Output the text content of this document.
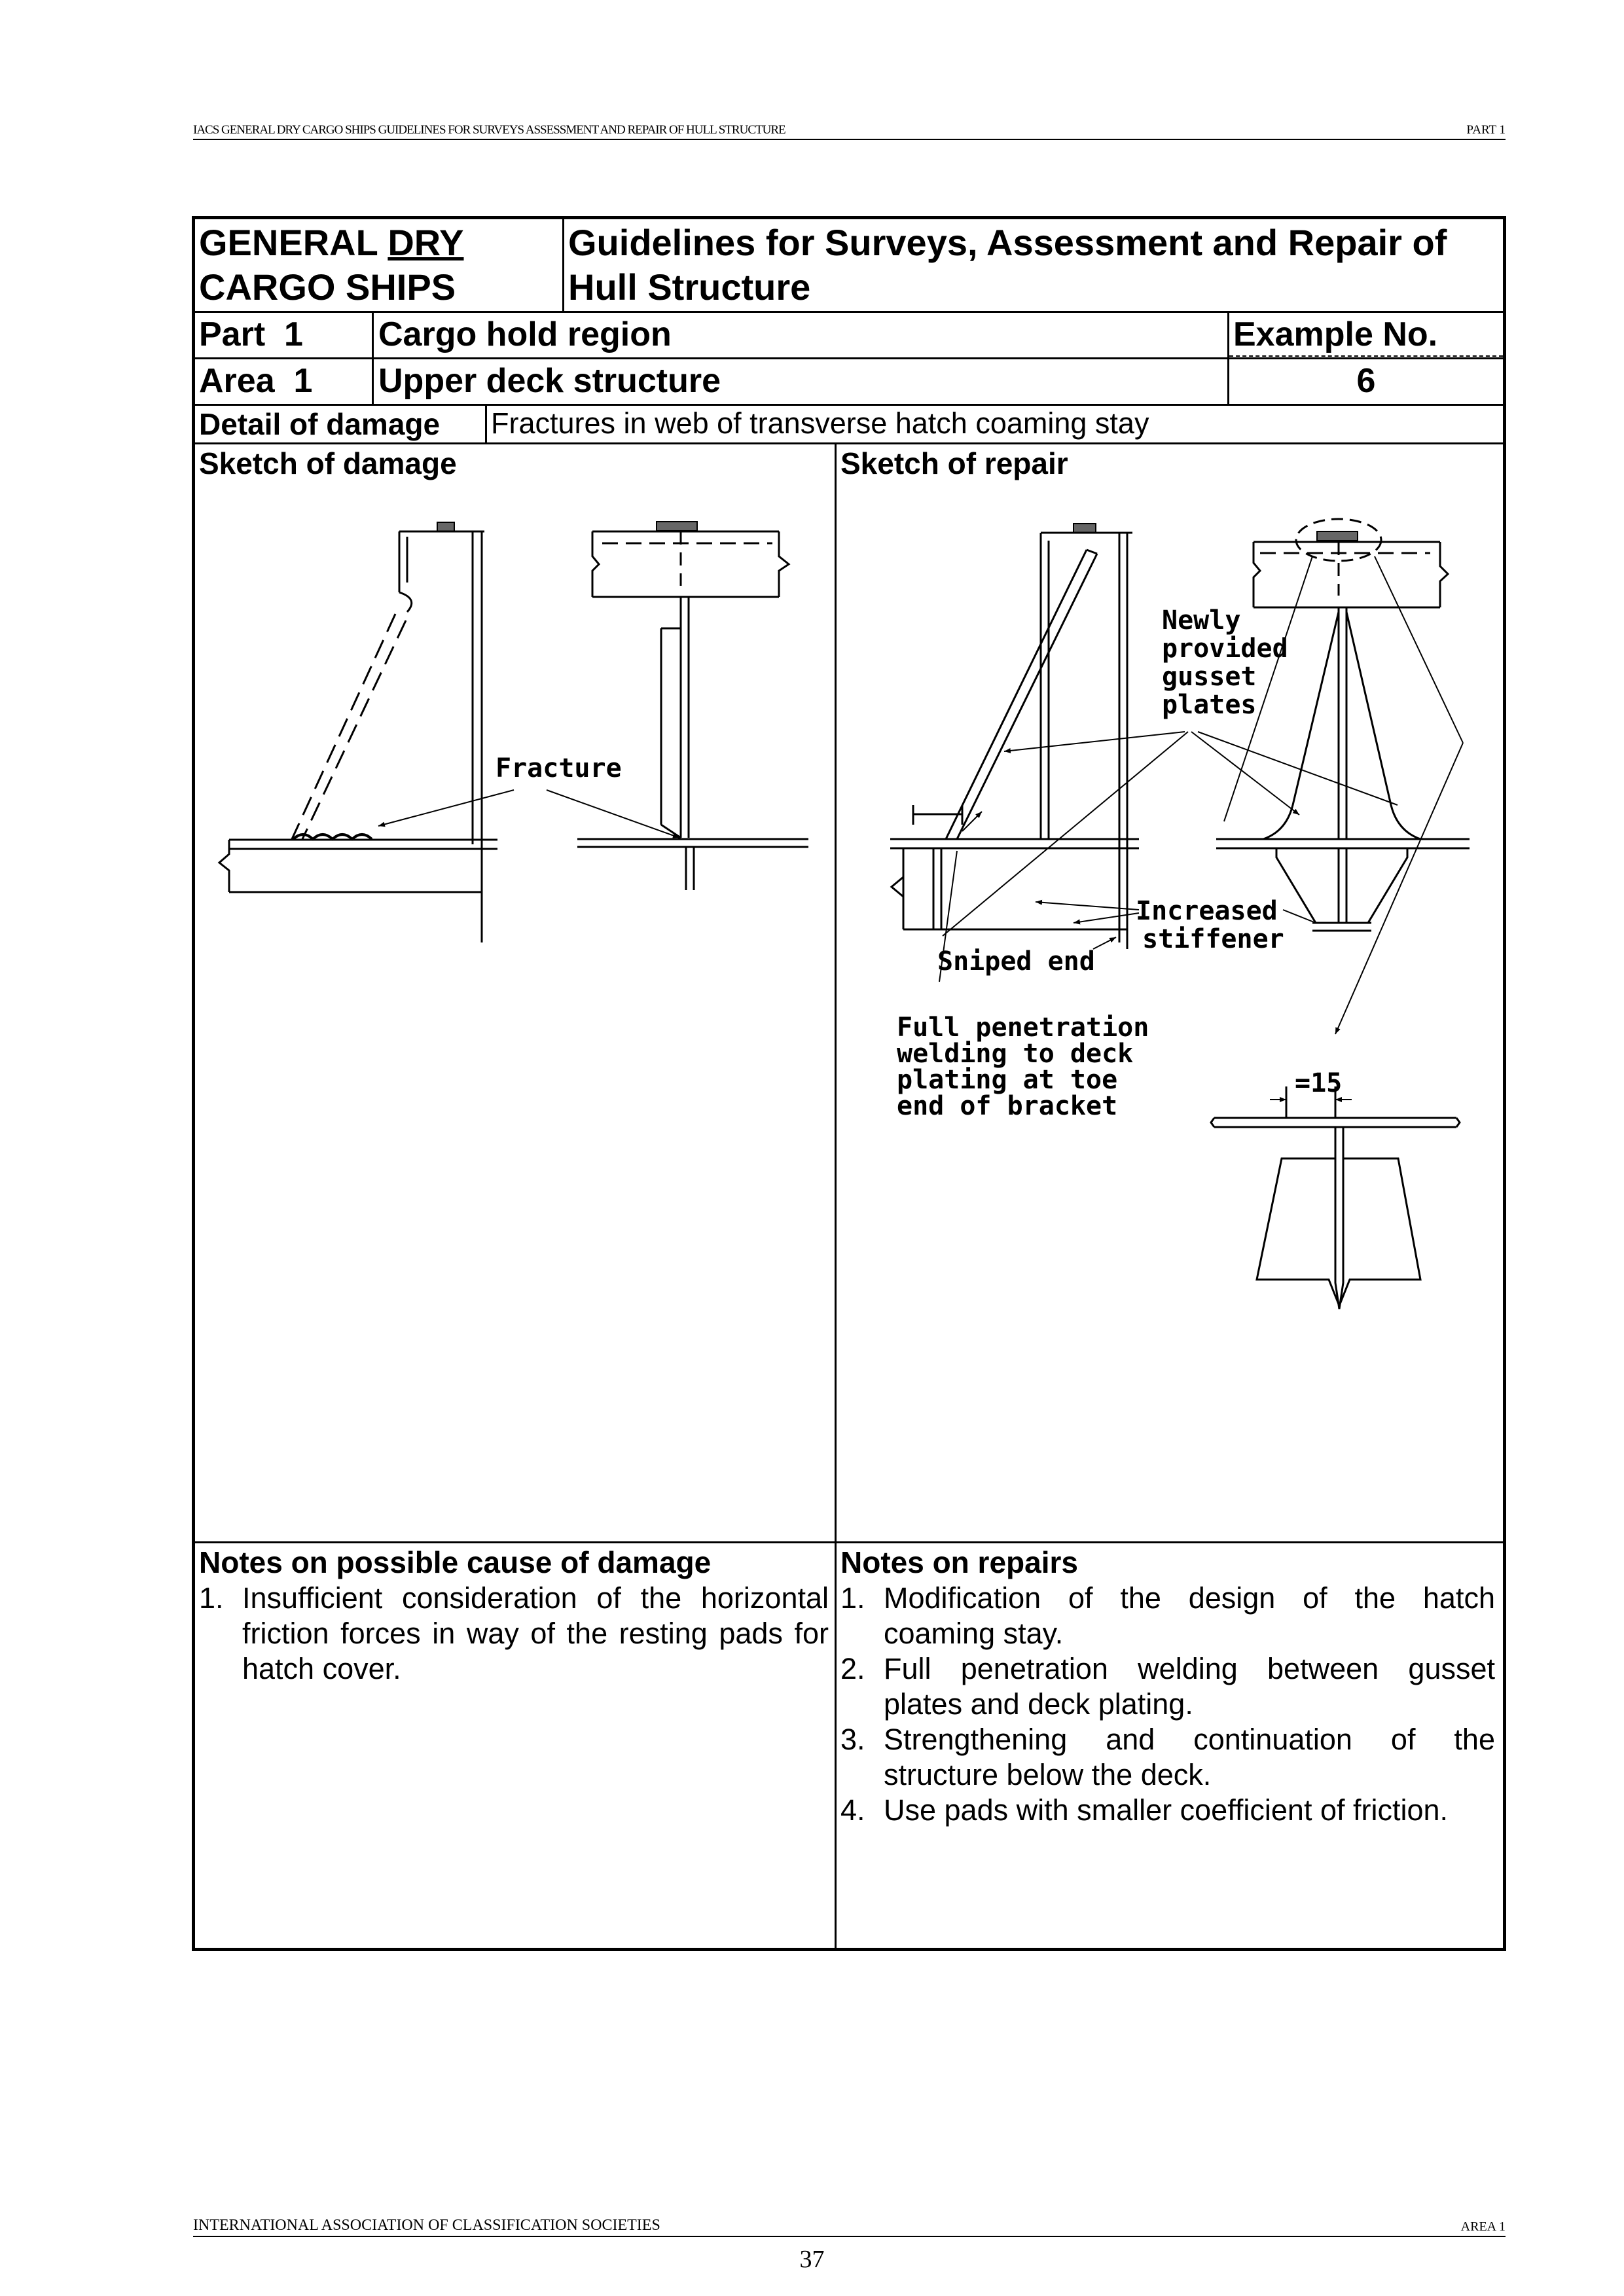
IACS GENERAL DRY CARGO SHIPS GUIDELINES FOR SURVEYS ASSESSMENT AND REPAIR OF HULL STRUCTURE	PART 1
GENERAL DRY
CARGO SHIPS
Guidelines for Surveys, Assessment and Repair of
Hull Structure
Part  1 Cargo hold region	Example No.
Area  1 Upper deck structure	6
Detail of damage Fractures in web of transverse hatch coaming stay
Sketch of damage	Sketch of repair
Notes on possible cause of damage
1. Insufficient consideration of the horizontal friction forces in way of the resting pads for hatch cover.
Notes on repairs
1. Modification of the design of the hatch coaming stay.
2. Full penetration welding between gusset plates and deck plating.
3. Strengthening and continuation of the structure below the deck.
4. Use pads with smaller coefficient of friction.
Fracture
Newly
provided
gusset
plates
Increased
stiffener
Sniped end
Full penetration
welding to deck
plating at toe
end of bracket
=15
INTERNATIONAL ASSOCIATION OF CLASSIFICATION SOCIETIES	AREA 1
37
